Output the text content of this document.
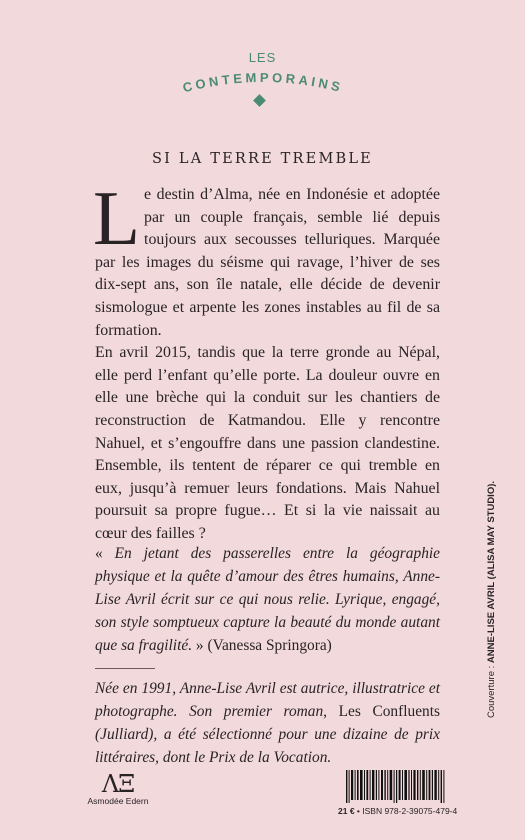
LES
CONTEMPORAINS
SI LA TERRE TREMBLE

Le destin d’Alma, née en Indonésie et adoptée par un couple français, semble lié depuis toujours aux secousses telluriques. Marquée par les images du séisme qui ravage, l’hiver de ses dix-sept ans, son île natale, elle décide de devenir sismologue et arpente les zones instables au fil de sa formation.

En avril 2015, tandis que la terre gronde au Népal, elle perd l’enfant qu’elle porte. La douleur ouvre en elle une brèche qui la conduit sur les chantiers de reconstruction de Katmandou. Elle y rencontre Nahuel, et s’engouffre dans une passion clandestine. Ensemble, ils tentent de réparer ce qui tremble en eux, jusqu’à remuer leurs fondations. Mais Nahuel poursuit sa propre fugue… Et si la vie naissait au cœur des failles ?

« En jetant des passerelles entre la géographie physique et la quête d’amour des êtres humains, Anne-Lise Avril écrit sur ce qui nous relie. Lyrique, engagé, son style somptueux capture la beauté du monde autant que sa fragilité. » (Vanessa Springora)
Née en 1991, Anne-Lise Avril est autrice, illustratrice et photographe. Son premier roman, Les Confluents (Julliard), a été sélectionné pour une dizaine de prix littéraires, dont le Prix de la Vocation.
ΛΞ
Asmodée Edern
21 € • ISBN 978-2-39075-479-4
Couverture : ANNE-LISE AVRIL (ALISA MAY STUDIO).
